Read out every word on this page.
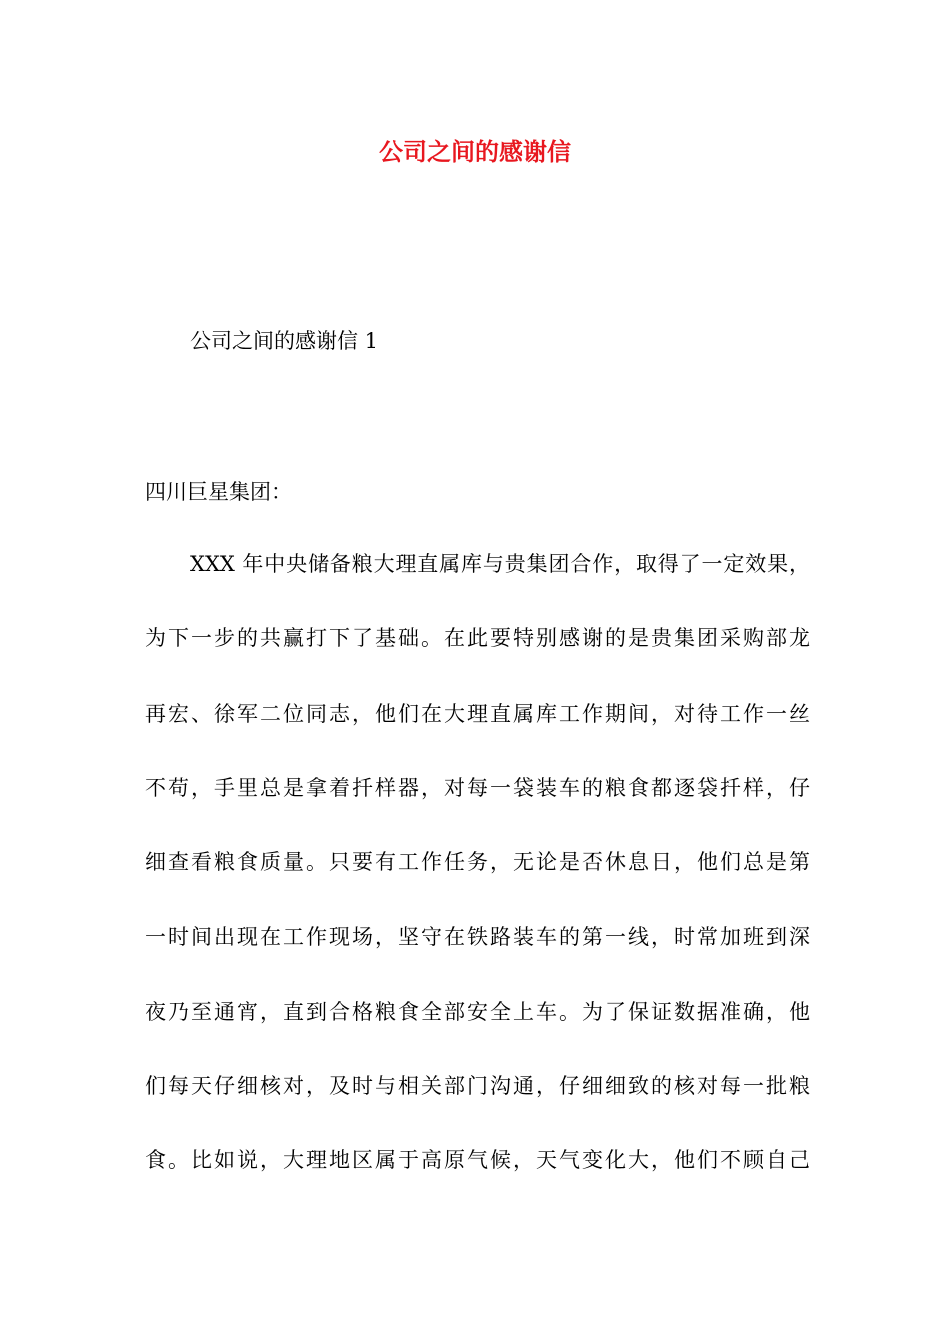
公司之间的感谢信
公司之间的感谢信 1
四川巨星集团：
XXX 年中央储备粮大理直属库与贵集团合作，取得了一定效果，
为下一步的共赢打下了基础。在此要特别感谢的是贵集团采购部龙
再宏、徐军二位同志，他们在大理直属库工作期间，对待工作一丝
不苟，手里总是拿着扦样器，对每一袋装车的粮食都逐袋扦样，仔
细查看粮食质量。只要有工作任务，无论是否休息日，他们总是第
一时间出现在工作现场，坚守在铁路装车的第一线，时常加班到深
夜乃至通宵，直到合格粮食全部安全上车。为了保证数据准确，他
们每天仔细核对，及时与相关部门沟通，仔细细致的核对每一批粮
食。比如说，大理地区属于高原气候，天气变化大，他们不顾自己
